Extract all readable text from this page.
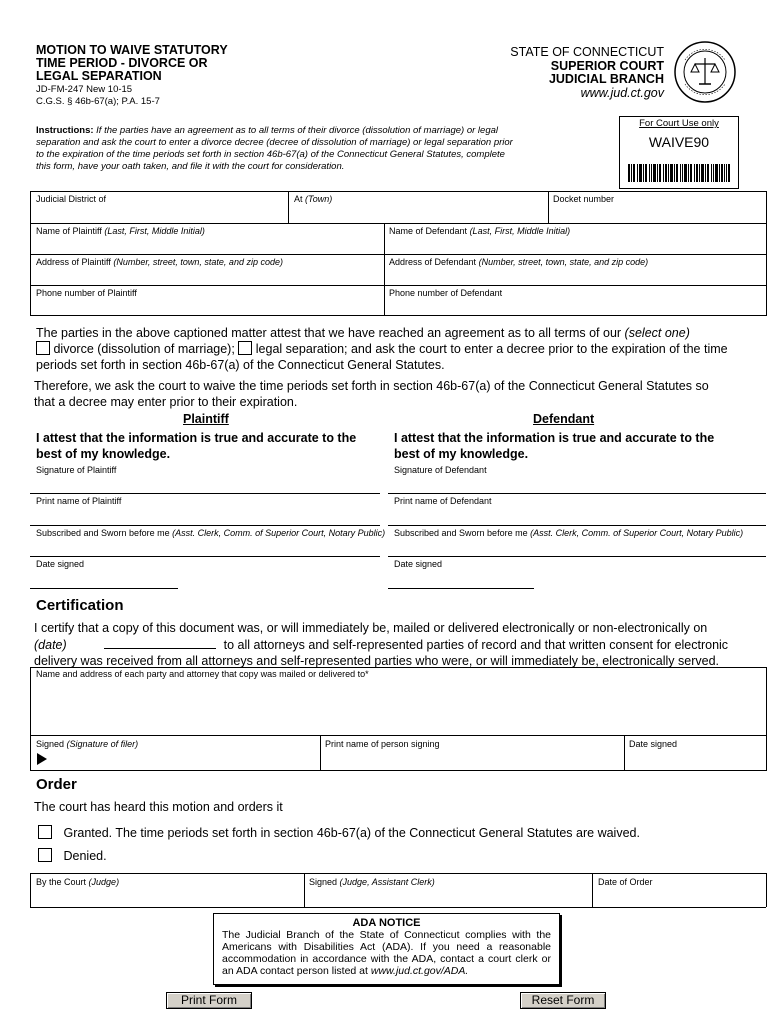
MOTION TO WAIVE STATUTORY
TIME PERIOD - DIVORCE OR
LEGAL SEPARATION
JD-FM-247 New 10-15
C.G.S. § 46b-67(a); P.A. 15-7
STATE OF CONNECTICUT
SUPERIOR COURT
JUDICIAL BRANCH
www.jud.ct.gov
Instructions: If the parties have an agreement as to all terms of their divorce (dissolution of marriage) or legal separation and ask the court to enter a divorce decree (decree of dissolution of marriage) or legal separation prior to the expiration of the time periods set forth in section 46b-67(a) of the Connecticut General Statutes, complete this form, have your oath taken, and file it with the court for consideration.
For Court Use only
WAIVE90
Judicial District of	At (Town)	Docket number
Name of Plaintiff (Last, First, Middle Initial)	Name of Defendant (Last, First, Middle Initial)
Address of Plaintiff (Number, street, town, state, and zip code)	Address of Defendant (Number, street, town, state, and zip code)
Phone number of Plaintiff	Phone number of Defendant
The parties in the above captioned matter attest that we have reached an agreement as to all terms of our (select one)
divorce (dissolution of marriage); legal separation; and ask the court to enter a decree prior to the expiration of the time
periods set forth in section 46b-67(a) of the Connecticut General Statutes.
Therefore, we ask the court to waive the time periods set forth in section 46b-67(a) of the Connecticut General Statutes so that a decree may enter prior to their expiration.
Plaintiff	Defendant
I attest that the information is true and accurate to the best of my knowledge.
I attest that the information is true and accurate to the best of my knowledge.
Signature of Plaintiff	Signature of Defendant
Print name of Plaintiff	Print name of Defendant
Subscribed and Sworn before me (Asst. Clerk, Comm. of Superior Court, Notary Public) Subscribed and Sworn before me (Asst. Clerk, Comm. of Superior Court, Notary Public)
Date signed	Date signed
Certification
I certify that a copy of this document was, or will immediately be, mailed or delivered electronically or non-electronically on
(date)	to all attorneys and self-represented parties of record and that written consent for electronic delivery was received from all attorneys and self-represented parties who were, or will immediately be, electronically served.
Name and address of each party and attorney that copy was mailed or delivered to*
Signed (Signature of filer)	Print name of person signing	Date signed
Order
The court has heard this motion and orders it
Granted. The time periods set forth in section 46b-67(a) of the Connecticut General Statutes are waived.
Denied.
By the Court (Judge)	Signed (Judge, Assistant Clerk)	Date of Order
ADA NOTICE
The Judicial Branch of the State of Connecticut complies with the Americans with Disabilities Act (ADA). If you need a reasonable accommodation in accordance with the ADA, contact a court clerk or an ADA contact person listed at www.jud.ct.gov/ADA.
Print Form	Reset Form
